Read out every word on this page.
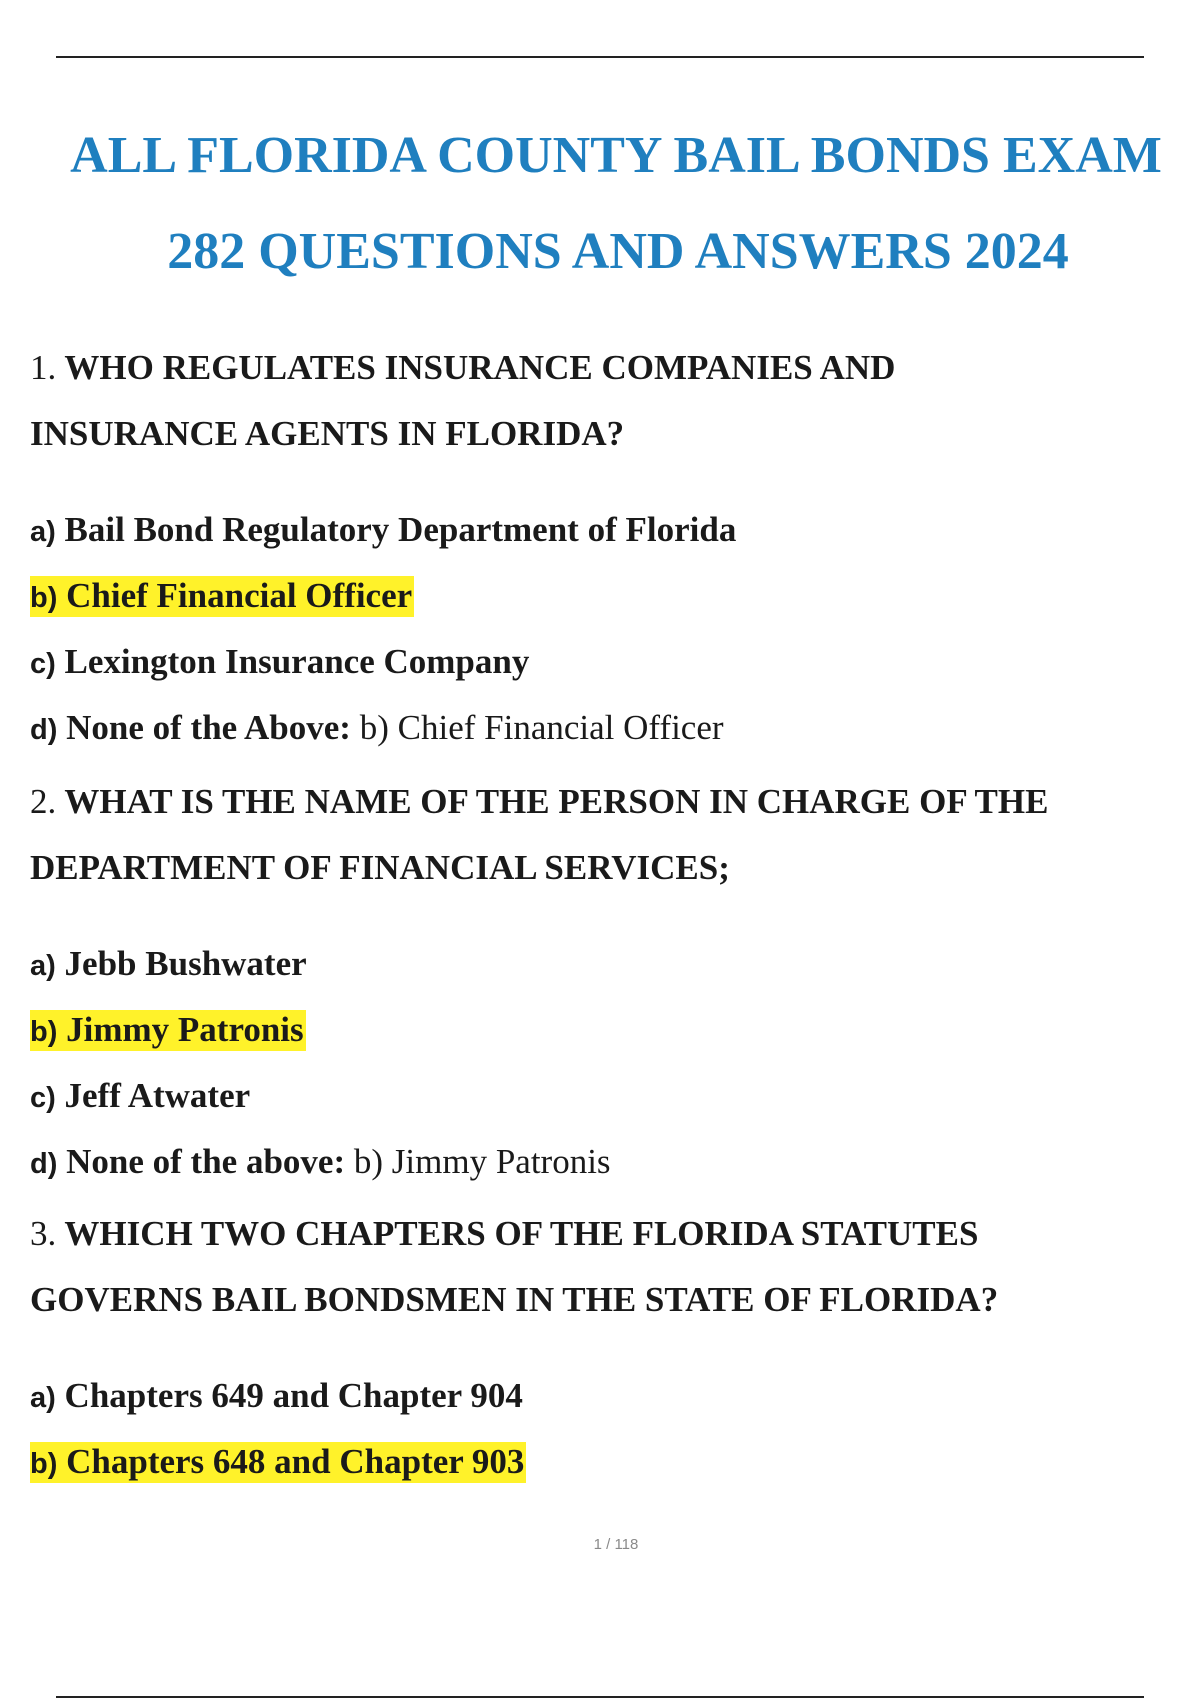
ALL FLORIDA COUNTY BAIL BONDS EXAM
282 QUESTIONS AND ANSWERS 2024

1. WHO REGULATES INSURANCE COMPANIES AND

INSURANCE AGENTS IN FLORIDA?

a) Bail Bond Regulatory Department of Florida

b) Chief Financial Officer

c) Lexington Insurance Company

d) None of the Above: b) Chief Financial Officer

2. WHAT IS THE NAME OF THE PERSON IN CHARGE OF THE

DEPARTMENT OF FINANCIAL SERVICES;

a) Jebb Bushwater

b) Jimmy Patronis

c) Jeff Atwater

d) None of the above: b) Jimmy Patronis

3. WHICH TWO CHAPTERS OF THE FLORIDA STATUTES

GOVERNS BAIL BONDSMEN IN THE STATE OF FLORIDA?

a) Chapters 649 and Chapter 904

b) Chapters 648 and Chapter 903

1 / 118
